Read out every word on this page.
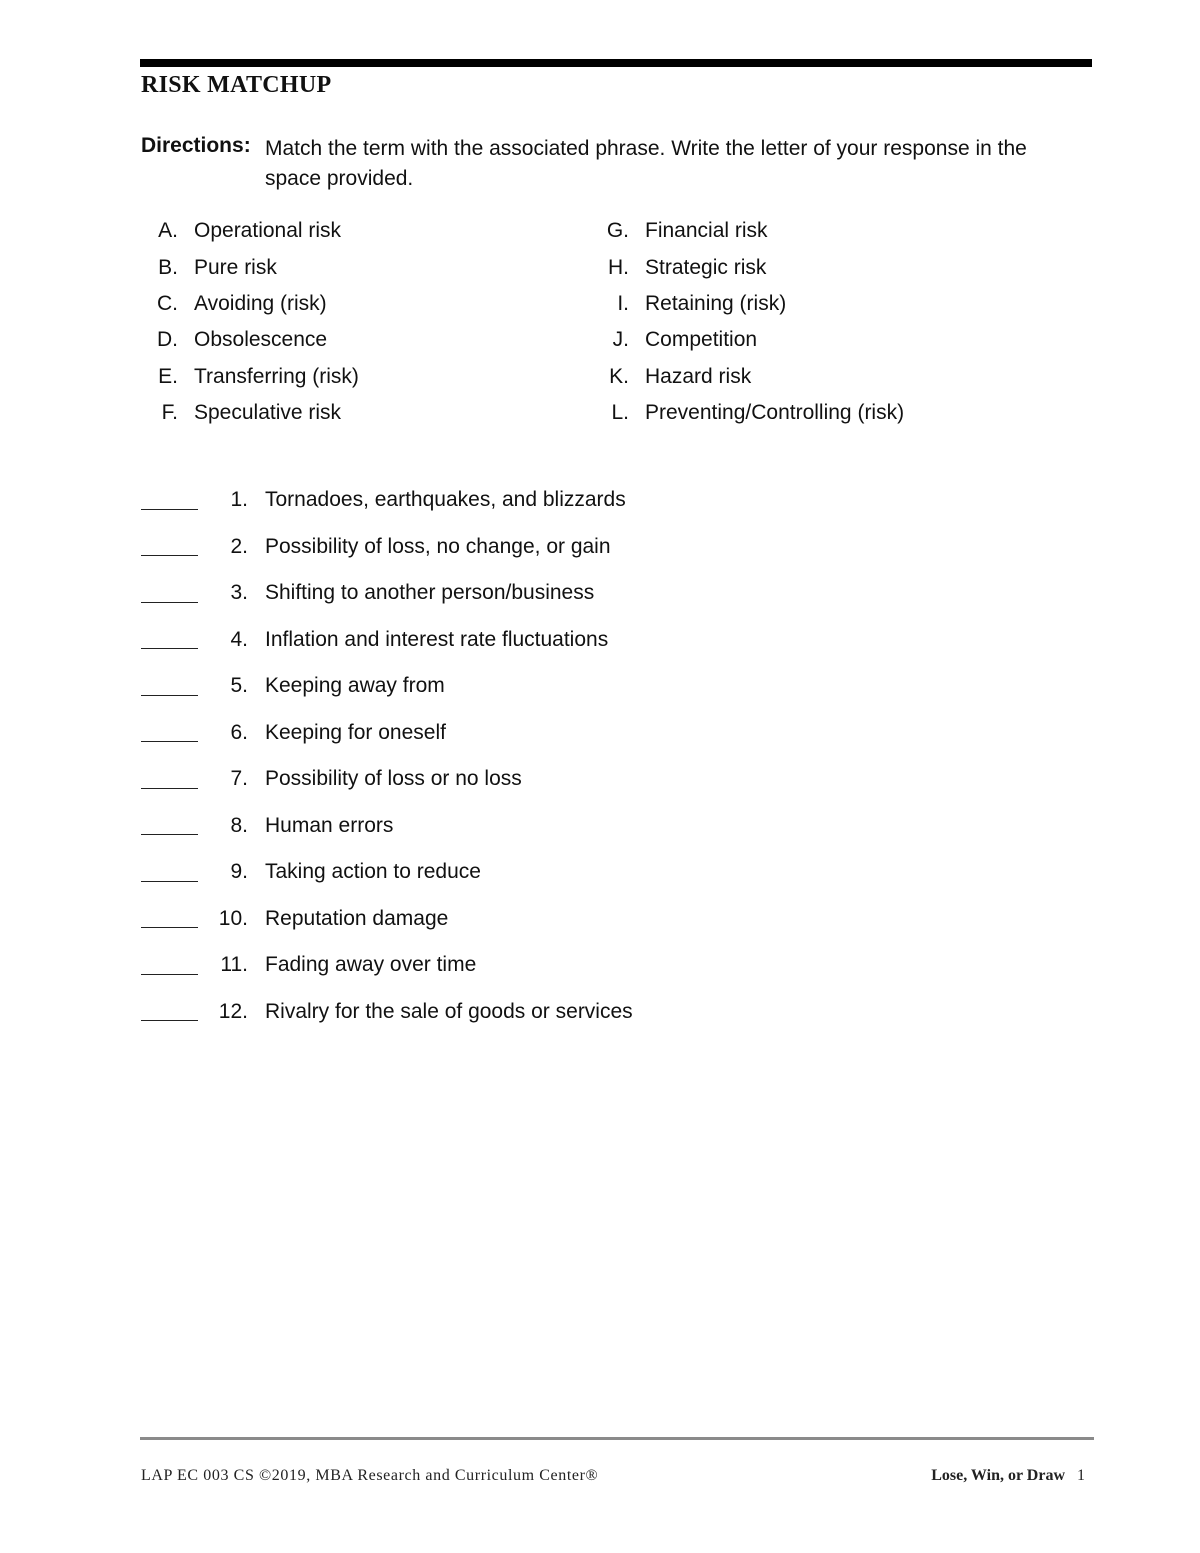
RISK MATCHUP
Directions: Match the term with the associated phrase. Write the letter of your response in the space provided.
A. Operational risk
B. Pure risk
C. Avoiding (risk)
D. Obsolescence
E. Transferring (risk)
F. Speculative risk
G. Financial risk
H. Strategic risk
I. Retaining (risk)
J. Competition
K. Hazard risk
L. Preventing/Controlling (risk)
1. Tornadoes, earthquakes, and blizzards
2. Possibility of loss, no change, or gain
3. Shifting to another person/business
4. Inflation and interest rate fluctuations
5. Keeping away from
6. Keeping for oneself
7. Possibility of loss or no loss
8. Human errors
9. Taking action to reduce
10. Reputation damage
11. Fading away over time
12. Rivalry for the sale of goods or services
LAP EC 003 CS ©2019, MBA Research and Curriculum Center®	Lose, Win, or Draw 1
